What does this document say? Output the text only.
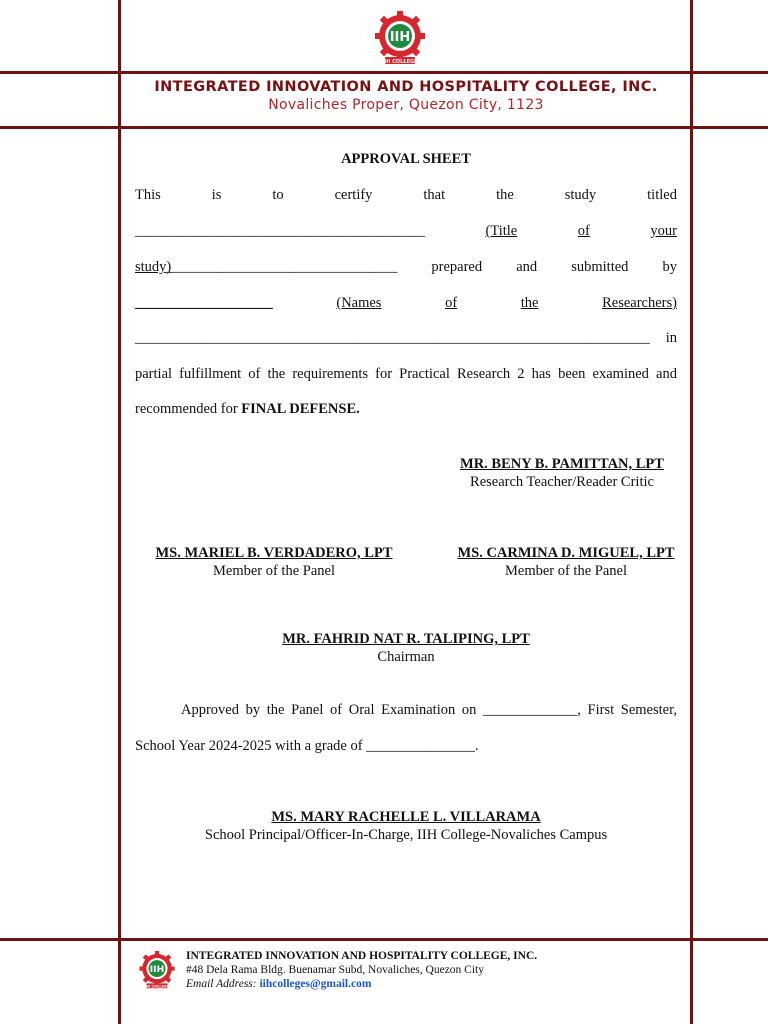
IIH
IIH COLLEGE
INTEGRATED INNOVATION AND HOSPITALITY COLLEGE, INC.
Novaliches Proper, Quezon City, 1123
APPROVAL SHEET
This	is	to	certify	that	the	study	titled
________________________________________	(Title	of	your
study)
________________________________ prepared and submitted by
___________________	(Names	of	the	Researchers)
_______________________________________________________________________ in
partial fulfillment of the requirements for Practical Research 2 has been examined and
recommended for FINAL DEFENSE.
MR. BENY B. PAMITTAN, LPT
Research Teacher/Reader Critic
MS. MARIEL B. VERDADERO, LPT
Member of the Panel
MS. CARMINA D. MIGUEL, LPT
Member of the Panel
MR. FAHRID NAT R. TALIPING, LPT
Chairman
Approved by the Panel of Oral Examination on _____________, First Semester,
School Year 2024-2025 with a grade of _______________.
MS. MARY RACHELLE L. VILLARAMA
School Principal/Officer-In-Charge, IIH College-Novaliches Campus
IIH
IIH COLLEGE
INTEGRATED INNOVATION AND HOSPITALITY COLLEGE, INC.
#48 Dela Rama Bldg. Buenamar Subd, Novaliches, Quezon City
Email Address: iihcolleges@gmail.com
